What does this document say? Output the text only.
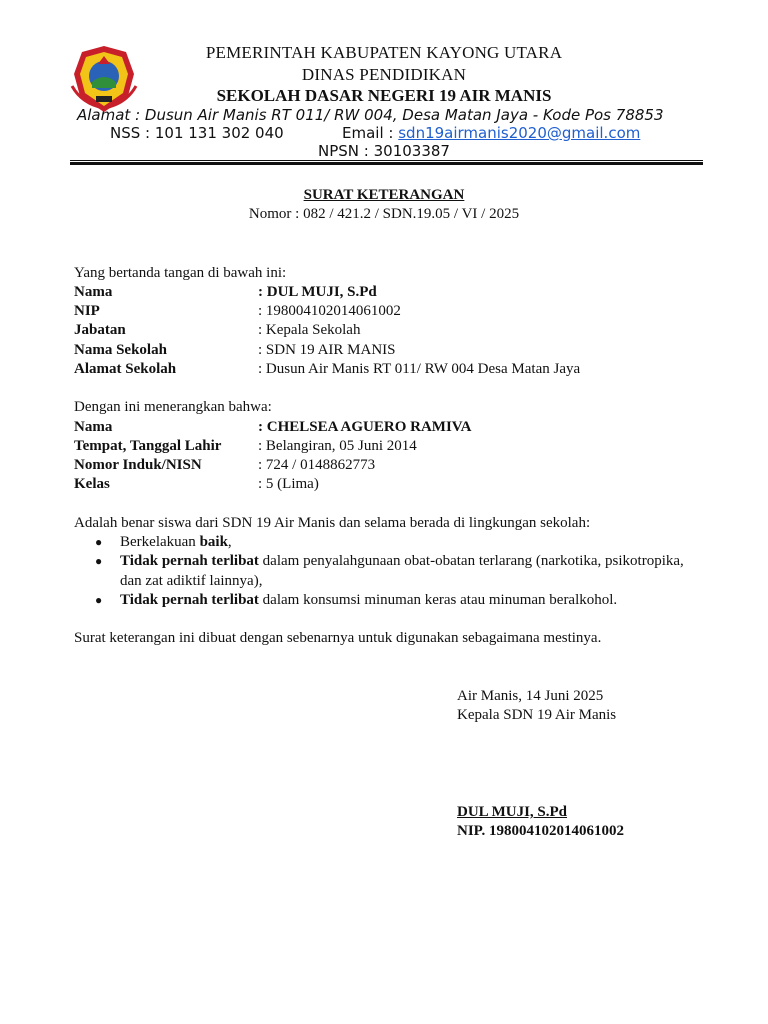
PEMERINTAH KABUPATEN KAYONG UTARA
DINAS PENDIDIKAN
SEKOLAH DASAR NEGERI 19 AIR MANIS
Alamat : Dusun Air Manis RT 011/ RW 004, Desa Matan Jaya - Kode Pos 78853
NSS : 101 131 302 040	Email : sdn19airmanis2020@gmail.com
NPSN : 30103387
SURAT KETERANGAN
Nomor : 082 / 421.2 / SDN.19.05 / VI / 2025
Yang bertanda tangan di bawah ini:
Nama	: DUL MUJI, S.Pd
NIP	: 198004102014061002
Jabatan	: Kepala Sekolah
Nama Sekolah	: SDN 19 AIR MANIS
Alamat Sekolah	: Dusun Air Manis RT 011/ RW 004 Desa Matan Jaya
Dengan ini menerangkan bahwa:
Nama	: CHELSEA AGUERO RAMIVA
Tempat, Tanggal Lahir : Belangiran, 05 Juni 2014
Nomor Induk/NISN	: 724 / 0148862773
Kelas	: 5 (Lima)
Adalah benar siswa dari SDN 19 Air Manis dan selama berada di lingkungan sekolah:
● Berkelakuan baik,
● Tidak pernah terlibat dalam penyalahgunaan obat-obatan terlarang (narkotika, psikotropika,
dan zat adiktif lainnya),
● Tidak pernah terlibat dalam konsumsi minuman keras atau minuman beralkohol.
Surat keterangan ini dibuat dengan sebenarnya untuk digunakan sebagaimana mestinya.
Air Manis, 14 Juni 2025
Kepala SDN 19 Air Manis
DUL MUJI, S.Pd
NIP. 198004102014061002
